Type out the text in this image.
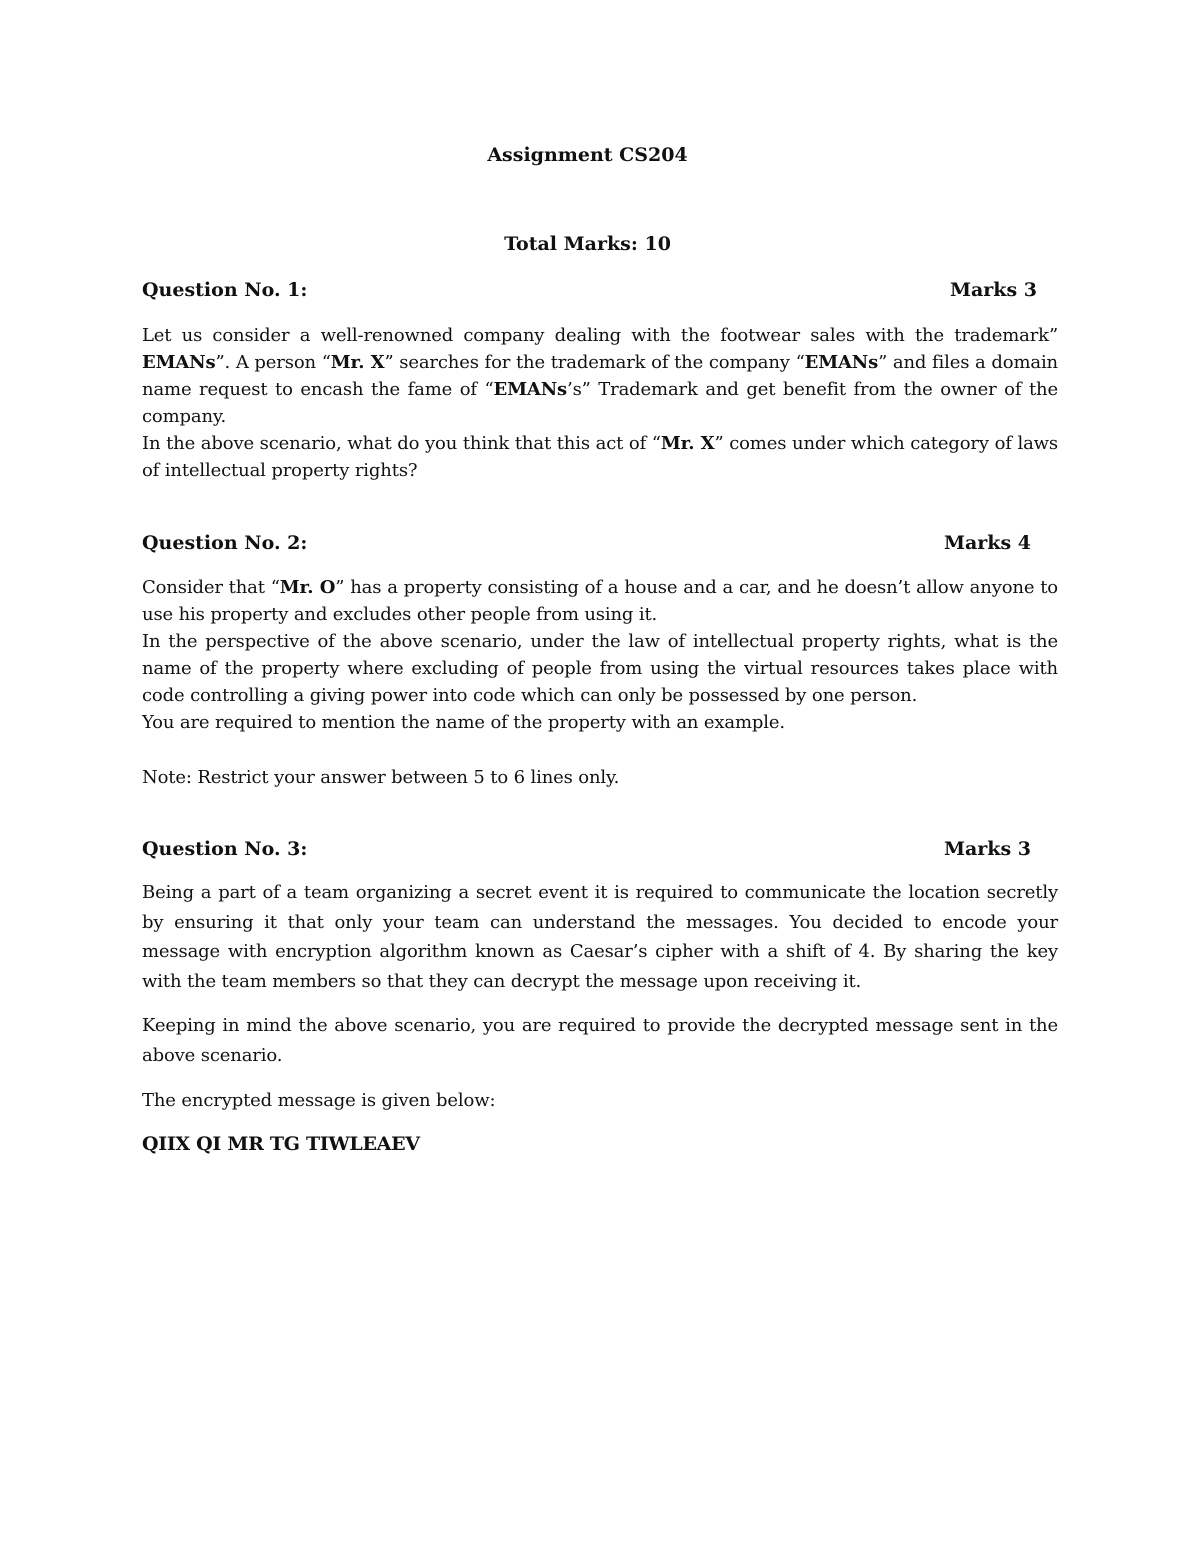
Assignment CS204
Total Marks: 10
Question No. 1:	Marks 3

Let us consider a well-renowned company dealing with the footwear sales with the trademark” EMANs”. A person “Mr. X” searches for the trademark of the company “EMANs” and files a domain name request to encash the fame of “EMANs’s” Trademark and get benefit from the owner of the company.

In the above scenario, what do you think that this act of “Mr. X” comes under which category of laws of intellectual property rights?

Question No. 2:	Marks 4

Consider that “Mr. O” has a property consisting of a house and a car, and he doesn’t allow anyone to use his property and excludes other people from using it.

In the perspective of the above scenario, under the law of intellectual property rights, what is the name of the property where excluding of people from using the virtual resources takes place with code controlling a giving power into code which can only be possessed by one person.

You are required to mention the name of the property with an example.

Note: Restrict your answer between 5 to 6 lines only.

Question No. 3:	Marks 3

Being a part of a team organizing a secret event it is required to communicate the location secretly by ensuring it that only your team can understand the messages. You decided to encode your message with encryption algorithm known as Caesar’s cipher with a shift of 4. By sharing the key with the team members so that they can decrypt the message upon receiving it.

Keeping in mind the above scenario, you are required to provide the decrypted message sent in the above scenario.

The encrypted message is given below:

QIIX QI MR TG TIWLEAEV
